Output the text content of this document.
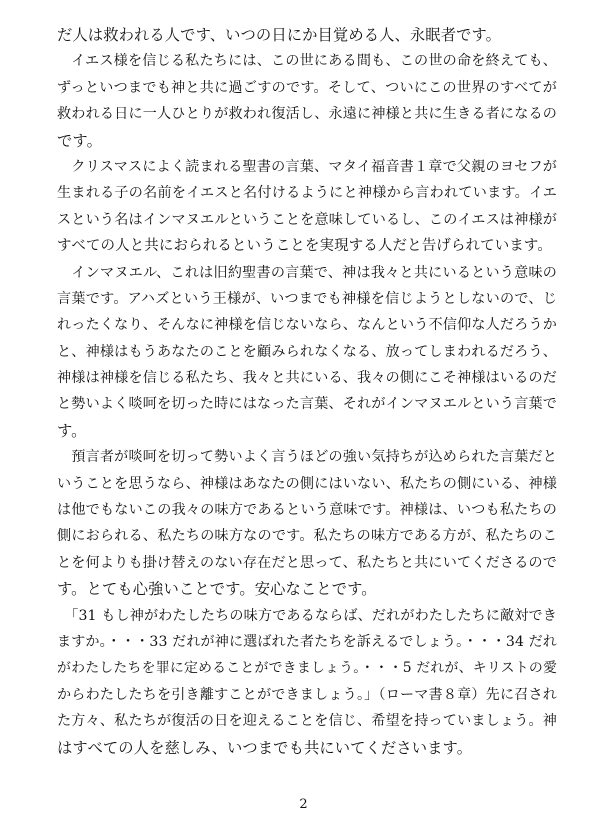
だ人は救われる人です、いつの日にか目覚める人、永眠者です。
　イエス様を信じる私たちには、この世にある間も、この世の命を終えても、
ずっといつまでも神と共に過ごすのです。そして、ついにこの世界のすべてが
救われる日に一人ひとりが救われ復活し、永遠に神様と共に生きる者になるの
です。
　クリスマスによく読まれる聖書の言葉、マタイ福音書１章で父親のヨセフが
生まれる子の名前をイエスと名付けるようにと神様から言われています。イエ
スという名はインマヌエルということを意味しているし、このイエスは神様が
すべての人と共におられるということを実現する人だと告げられています。
　インマヌエル、これは旧約聖書の言葉で、神は我々と共にいるという意味の
言葉です。アハズという王様が、いつまでも神様を信じようとしないので、じ
れったくなり、そんなに神様を信じないなら、なんという不信仰な人だろうか
と、神様はもうあなたのことを顧みられなくなる、放ってしまわれるだろう、
神様は神様を信じる私たち、我々と共にいる、我々の側にこそ神様はいるのだ
と勢いよく啖呵を切った時にはなった言葉、それがインマヌエルという言葉で
す。
　預言者が啖呵を切って勢いよく言うほどの強い気持ちが込められた言葉だと
いうことを思うなら、神様はあなたの側にはいない、私たちの側にいる、神様
は他でもないこの我々の味方であるという意味です。神様は、いつも私たちの
側におられる、私たちの味方なのです。私たちの味方である方が、私たちのこ
とを何よりも掛け替えのない存在だと思って、私たちと共にいてくださるので
す。とても心強いことです。安心なことです。
　「31 もし神がわたしたちの味方であるならば、だれがわたしたちに敵対でき
ますか。・・・33 だれが神に選ばれた者たちを訴えるでしょう。・・・34 だれ
がわたしたちを罪に定めることができましょう。・・・5 だれが、キリストの愛
からわたしたちを引き離すことができましょう。」（ローマ書８章）先に召され
た方々、私たちが復活の日を迎えることを信じ、希望を持っていましょう。神
はすべての人を慈しみ、いつまでも共にいてくださいます。
2
